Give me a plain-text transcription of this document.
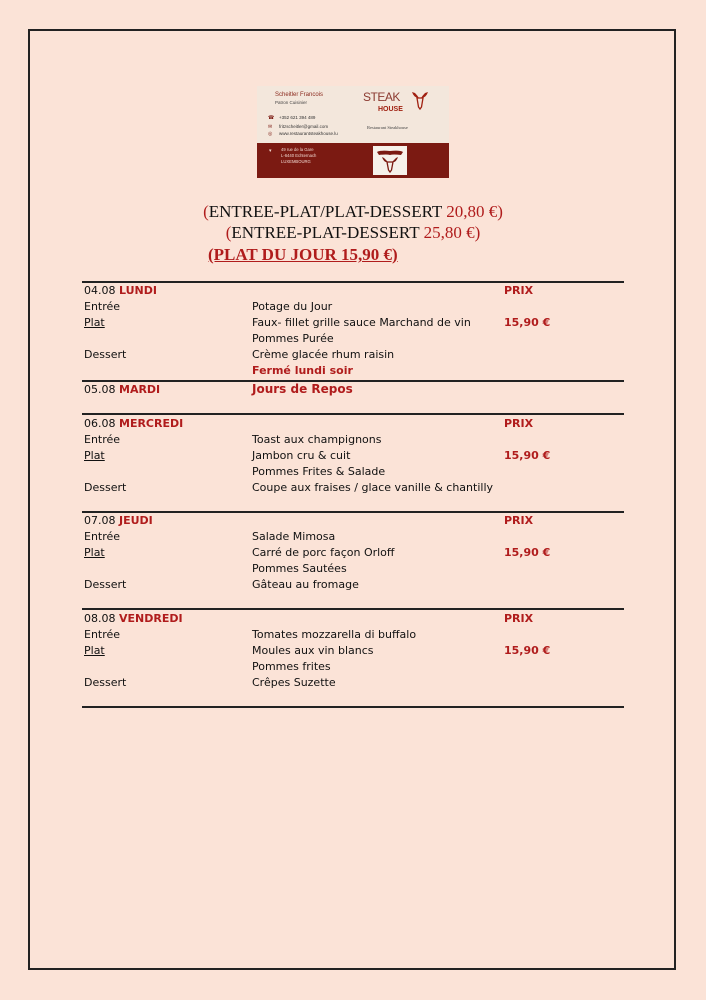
Scheitler Francois
Patron Cuisinier
☎ +352 621 394 489
✉ fritzscheitler@gmail.com
◎ www.restaurantsteakhouse.lu
STEAK
HOUSE
Restaurant Steakhouse
49 rue de la Gare
L-6440 Echternach
LUXEMBOURG
▾
(ENTREE-PLAT/PLAT-DESSERT 20,80 €)
(ENTREE-PLAT-DESSERT 25,80 €)
(PLAT DU JOUR 15,90 €)
04.08 LUNDI	PRIX
Entrée	Potage du Jour
Plat	Faux- fillet grille sauce Marchand de vin	15,90 €
Pommes Purée
Dessert	Crème glacée rhum raisin
Fermé lundi soir
05.08 MARDI	Jours de Repos
06.08 MERCREDI	PRIX
Entrée	Toast aux champignons
Plat	Jambon cru & cuit	15,90 €
Pommes Frites & Salade
Dessert	Coupe aux fraises / glace vanille & chantilly
07.08 JEUDI	PRIX
Entrée	Salade Mimosa
Plat	Carré de porc façon Orloff	15,90 €
Pommes Sautées
Dessert	Gâteau au fromage
08.08 VENDREDI	PRIX
Entrée	Tomates mozzarella di buffalo
Plat	Moules aux vin blancs	15,90 €
Pommes frites
Dessert	Crêpes Suzette
